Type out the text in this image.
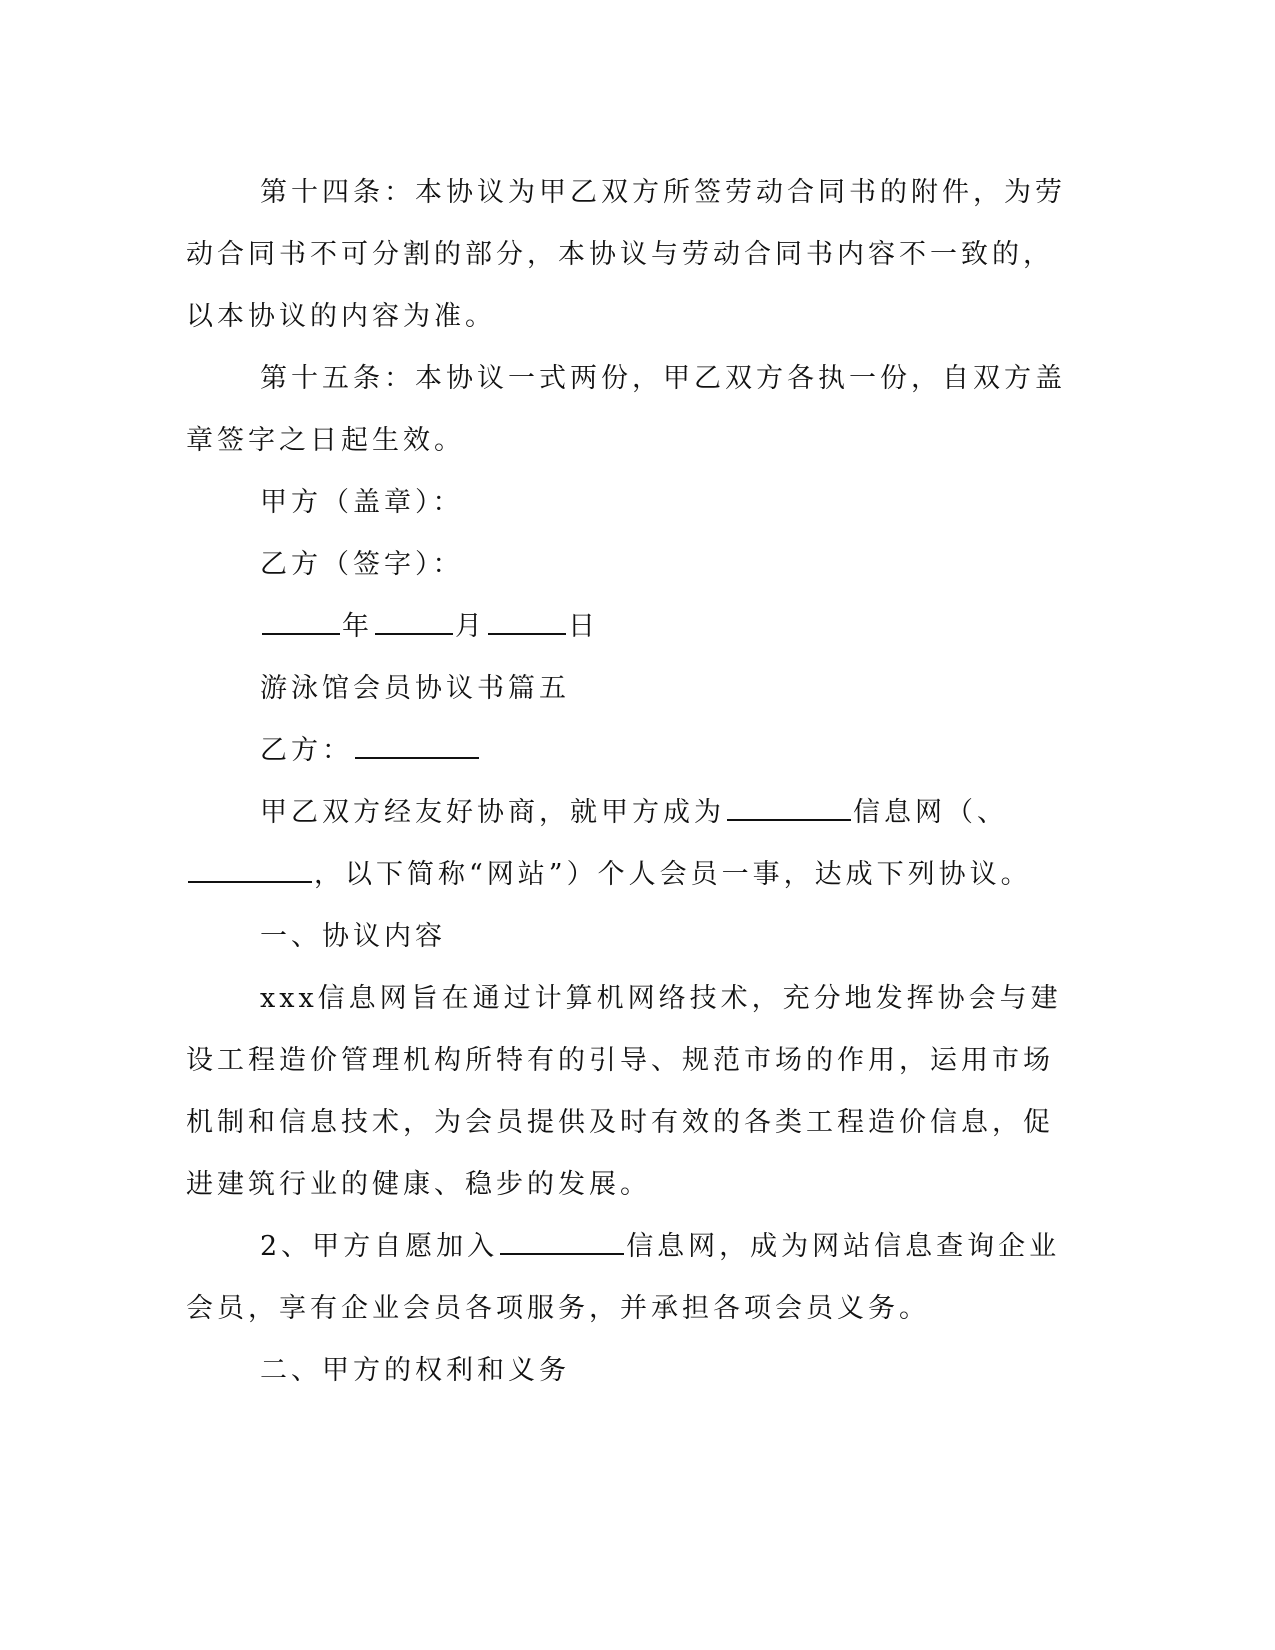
第十四条：本协议为甲乙双方所签劳动合同书的附件，为劳动合同书不可分割的部分，本协议与劳动合同书内容不一致的，以本协议的内容为准。

第十五条：本协议一式两份，甲乙双方各执一份，自双方盖章签字之日起生效。

甲方（盖章）：

乙方（签字）：

年	月	日

游泳馆会员协议书篇五

乙方：

甲乙双方经友好协商，就甲方成为	信息网（、，以下简称“网站”）个人会员一事，达成下列协议。

一、协议内容

xxx信息网旨在通过计算机网络技术，充分地发挥协会与建设工程造价管理机构所特有的引导、规范市场的作用，运用市场机制和信息技术，为会员提供及时有效的各类工程造价信息，促进建筑行业的健康、稳步的发展。

2、甲方自愿加入	信息网，成为网站信息查询企业会员，享有企业会员各项服务，并承担各项会员义务。

二、甲方的权利和义务
